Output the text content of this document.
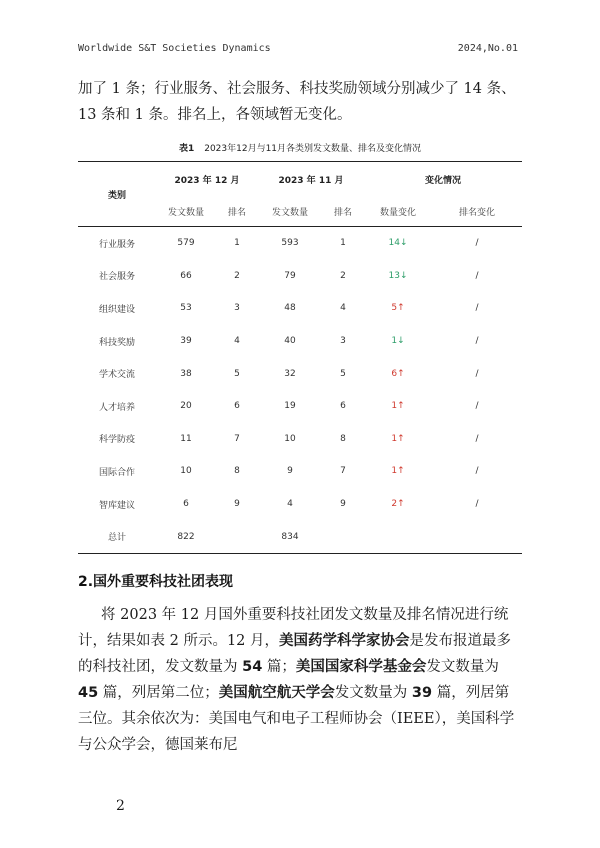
Worldwide S&T Societies Dynamics	2024,No.01

加了 1 条；行业服务、社会服务、科技奖励领域分别减少了 14 条、13 条和 1 条。排名上，各领域暂无变化。

表1 2023年12月与11月各类别发文数量、排名及变化情况
类别	2023 年 12 月		2023 年 11 月		变化情况	
	发文数量	排名	发文数量	排名	数量变化	排名变化
行业服务	579	1	593	1	14↓	/
社会服务	66	2	79	2	13↓	/
组织建设	53	3	48	4	5↑	/
科技奖励	39	4	40	3	1↓	/
学术交流	38	5	32	5	6↑	/
人才培养	20	6	19	6	1↑	/
科学防疫	11	7	10	8	1↑	/
国际合作	10	8	9	7	1↑	/
智库建议	6	9	4	9	2↑	/
总计	822		834			
2.国外重要科技社团表现

将 2023 年 12 月国外重要科技社团发文数量及排名情况进行统计，结果如表 2 所示。12 月，美国药学科学家协会是发布报道最多的科技社团，发文数量为 54 篇；美国国家科学基金会发文数量为 45 篇，列居第二位；美国航空航天学会发文数量为 39 篇，列居第三位。其余依次为：美国电气和电子工程师协会（IEEE），美国科学与公众学会，德国莱布尼

2
